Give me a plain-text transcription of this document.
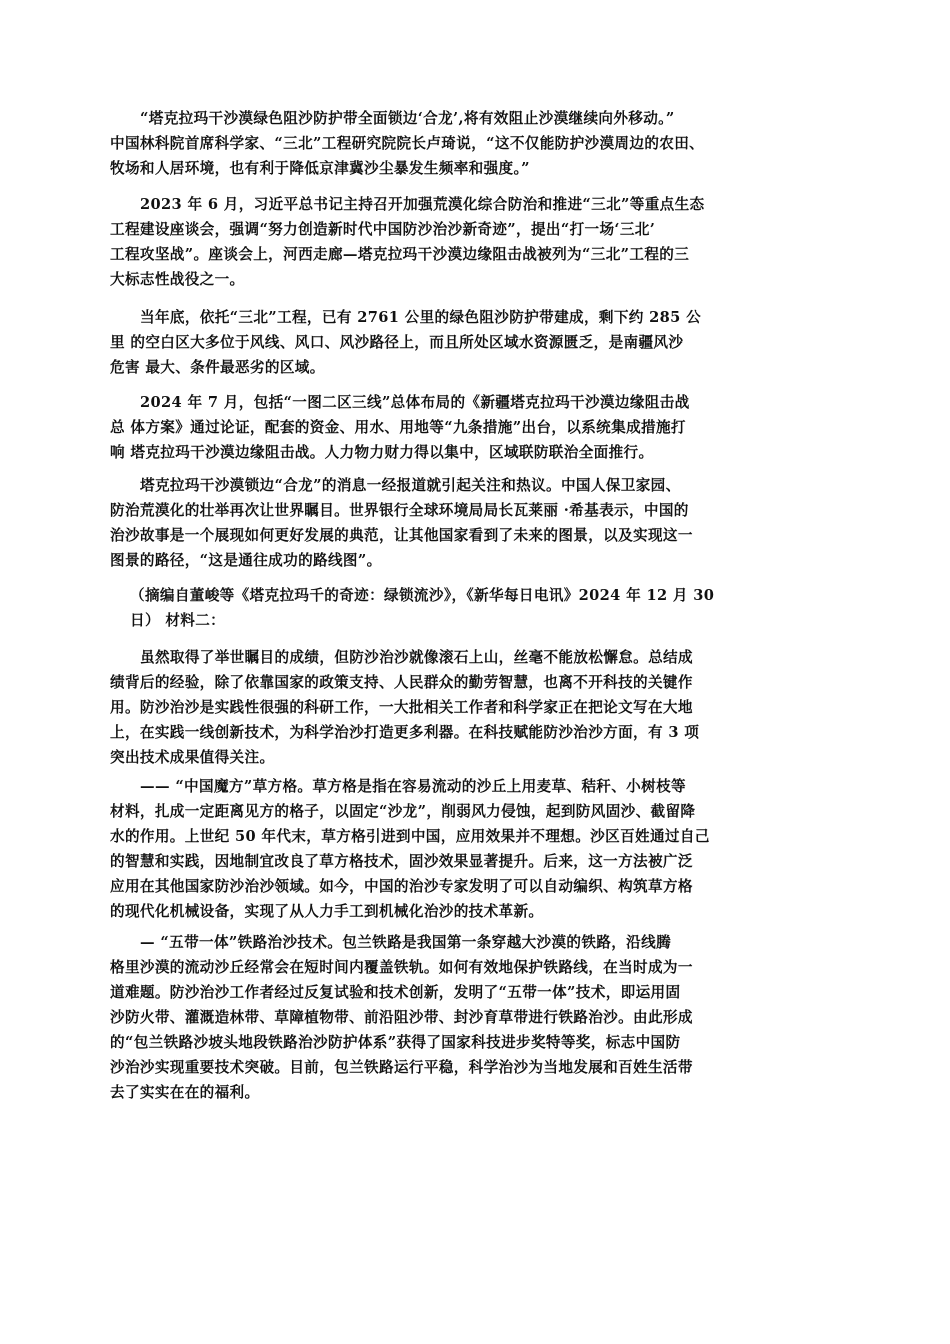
“塔克拉玛干沙漠绿色阻沙防护带全面锁边‘合龙’,将有效阻止沙漠继续向外移动。”
中国林科院首席科学家、“三北”工程研究院院长卢琦说，“这不仅能防护沙漠周边的农田、
牧场和人居环境，也有利于降低京津冀沙尘暴发生频率和强度。”
2023 年 6 月，习近平总书记主持召开加强荒漠化综合防治和推进“三北”等重点生态
工程建设座谈会，强调“努力创造新时代中国防沙治沙新奇迹”，提出“打一场‘三北’
工程攻坚战”。座谈会上，河西走廊—塔克拉玛干沙漠边缘阻击战被列为“三北”工程的三
大标志性战役之一。
当年底，依托“三北”工程，已有 2761 公里的绿色阻沙防护带建成，剩下约 285 公
里 的空白区大多位于风线、风口、风沙路径上，而且所处区域水资源匮乏，是南疆风沙
危害 最大、条件最恶劣的区域。
2024 年 7 月，包括“一图二区三线”总体布局的《新疆塔克拉玛干沙漠边缘阻击战
总 体方案》通过论证，配套的资金、用水、用地等“九条措施”出台，以系统集成措施打
响 塔克拉玛干沙漠边缘阻击战。人力物力财力得以集中，区域联防联治全面推行。
塔克拉玛干沙漠锁边“合龙”的消息一经报道就引起关注和热议。中国人保卫家园、
防治荒漠化的壮举再次让世界瞩目。世界银行全球环境局局长瓦莱丽 ·希基表示，中国的
治沙故事是一个展现如何更好发展的典范，让其他国家看到了未来的图景，以及实现这一
图景的路径，“这是通往成功的路线图”。
（摘编自董峻等《塔克拉玛千的奇迹：绿锁流沙》，《新华每日电讯》2024 年 12 月 30
日） 材料二：
虽然取得了举世瞩目的成绩，但防沙治沙就像滚石上山，丝毫不能放松懈怠。总结成
绩背后的经验，除了依靠国家的政策支持、人民群众的勤劳智慧，也离不开科技的关键作
用。防沙治沙是实践性很强的科研工作，一大批相关工作者和科学家正在把论文写在大地
上，在实践一线创新技术，为科学治沙打造更多利器。在科技赋能防沙治沙方面，有 3 项
突出技术成果值得关注。
—— “中国魔方”草方格。草方格是指在容易流动的沙丘上用麦草、秸秆、小树枝等
材料，扎成一定距离见方的格子，以固定“沙龙”，削弱风力侵蚀，起到防风固沙、截留降
水的作用。上世纪 50 年代末，草方格引进到中国，应用效果并不理想。沙区百姓通过自己
的智慧和实践，因地制宜改良了草方格技术，固沙效果显著提升。后来，这一方法被广泛
应用在其他国家防沙治沙领域。如今，中国的治沙专家发明了可以自动编织、构筑草方格
的现代化机械设备，实现了从人力手工到机械化治沙的技术革新。
— “五带一体”铁路治沙技术。包兰铁路是我国第一条穿越大沙漠的铁路，沿线腾
格里沙漠的流动沙丘经常会在短时间内覆盖铁轨。如何有效地保护铁路线，在当时成为一
道难题。防沙治沙工作者经过反复试验和技术创新，发明了“五带一体”技术，即运用固
沙防火带、灌溉造林带、草障植物带、前沿阻沙带、封沙育草带进行铁路治沙。由此形成
的“包兰铁路沙坡头地段铁路治沙防护体系”获得了国家科技进步奖特等奖，标志中国防
沙治沙实现重要技术突破。目前，包兰铁路运行平稳，科学治沙为当地发展和百姓生活带
去了实实在在的福利。
